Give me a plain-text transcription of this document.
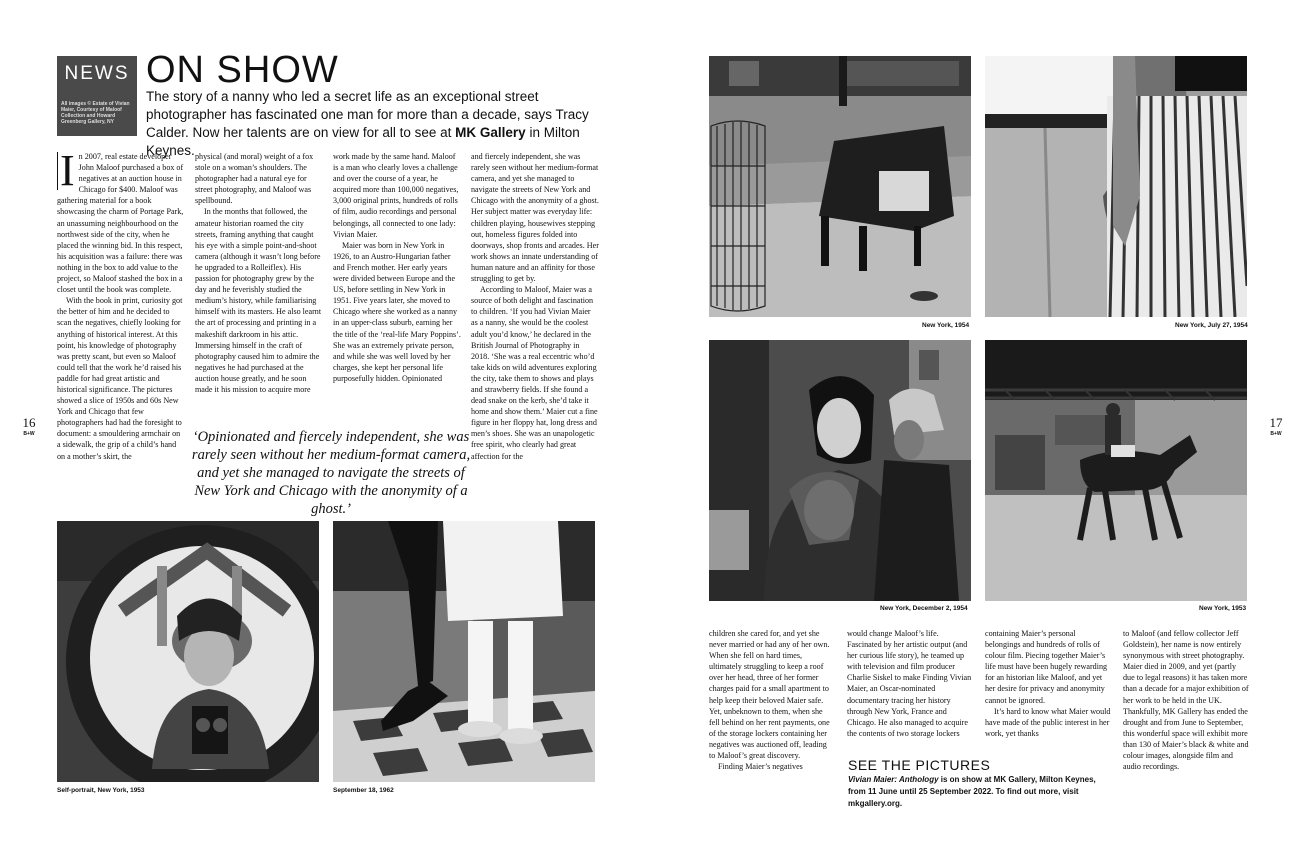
NEWS
All images © Estate of Vivian Maier, Courtesy of Maloof Collection and Howard Greenberg Gallery, NY
ON SHOW
The story of a nanny who led a secret life as an exceptional street photographer has fascinated one man for more than a decade, says Tracy Calder. Now her talents are on view for all to see at MK Gallery in Milton Keynes.

I n 2007, real estate developer John Maloof purchased a box of negatives at an auction house in Chicago for $400. Maloof was gathering material for a book showcasing the charm of Portage Park, an unassuming neighbourhood on the northwest side of the city, when he placed the winning bid. In this respect, his acquisition was a failure: there was nothing in the box to add value to the project, so Maloof stashed the box in a closet until the book was complete.

With the book in print, curiosity got the better of him and he decided to scan the negatives, chiefly looking for anything of historical interest. At this point, his knowledge of photography was pretty scant, but even so Maloof could tell that the work he’d raised his paddle for had great artistic and historical significance. The pictures showed a slice of 1950s and 60s New York and Chicago that few photographers had had the foresight to document: a smouldering armchair on a sidewalk, the grip of a child’s hand on a mother’s skirt, the

physical (and moral) weight of a fox stole on a woman’s shoulders. The photographer had a natural eye for street photography, and Maloof was spellbound.

In the months that followed, the amateur historian roamed the city streets, framing anything that caught his eye with a simple point-and-shoot camera (although it wasn’t long before he upgraded to a Rolleiflex). His passion for photography grew by the day and he feverishly studied the medium’s history, while familiarising himself with its masters. He also learnt the art of processing and printing in a makeshift darkroom in his attic. Immersing himself in the craft of photography caused him to admire the negatives he had purchased at the auction house greatly, and he soon made it his mission to acquire more

work made by the same hand. Maloof is a man who clearly loves a challenge and over the course of a year, he acquired more than 100,000 negatives, 3,000 original prints, hundreds of rolls of film, audio recordings and personal belongings, all connected to one lady: Vivian Maier.

Maier was born in New York in 1926, to an Austro-Hungarian father and French mother. Her early years were divided between Europe and the US, before settling in New York in 1951. Five years later, she moved to Chicago where she worked as a nanny in an upper-class suburb, earning her the title of the ‘real-life Mary Poppins’. She was an extremely private person, and while she was well loved by her charges, she kept her personal life purposefully hidden. Opinionated

and fiercely independent, she was rarely seen without her medium-format camera, and yet she managed to navigate the streets of New York and Chicago with the anonymity of a ghost. Her subject matter was everyday life: children playing, housewives stepping out, homeless figures folded into doorways, shop fronts and arcades. Her work shows an innate understanding of human nature and an affinity for those struggling to get by.

According to Maloof, Maier was a source of both delight and fascination to children. ‘If you had Vivian Maier as a nanny, she would be the coolest adult you’d know,’ he declared in the British Journal of Photography in 2018. ‘She was a real eccentric who’d take kids on wild adventures exploring the city, take them to shows and plays and strawberry fields. If she found a dead snake on the kerb, she’d take it home and show them.’ Maier cut a fine figure in her floppy hat, long dress and men’s shoes. She was an unapologetic free spirit, who clearly had great affection for the

‘Opinionated and fiercely independent, she was rarely seen without her medium-format camera, and yet she managed to navigate the streets of New York and Chicago with the anonymity of a ghost.’
16
B+W
17
B+W
Self-portrait, New York, 1953	September 18, 1962
New York, 1954	New York, July 27, 1954
New York, December 2, 1954	New York, 1953

children she cared for, and yet she never married or had any of her own. When she fell on hard times, ultimately struggling to keep a roof over her head, three of her former charges paid for a small apartment to help keep their beloved Maier safe. Yet, unbeknown to them, when she fell behind on her rent payments, one of the storage lockers containing her negatives was auctioned off, leading to Maloof’s great discovery.

Finding Maier’s negatives

would change Maloof’s life. Fascinated by her artistic output (and her curious life story), he teamed up with television and film producer Charlie Siskel to make Finding Vivian Maier, an Oscar-nominated documentary tracing her history through New York, France and Chicago. He also managed to acquire the contents of two storage lockers

containing Maier’s personal belongings and hundreds of rolls of colour film. Piecing together Maier’s life must have been hugely rewarding for an historian like Maloof, and yet her desire for privacy and anonymity cannot be ignored.

It’s hard to know what Maier would have made of the public interest in her work, yet thanks

to Maloof (and fellow collector Jeff Goldstein), her name is now entirely synonymous with street photography. Maier died in 2009, and yet (partly due to legal reasons) it has taken more than a decade for a major exhibition of her work to be held in the UK. Thankfully, MK Gallery has ended the drought and from June to September, this wonderful space will exhibit more than 130 of Maier’s black & white and colour images, alongside film and audio recordings.

SEE THE PICTURES
Vivian Maier: Anthology is on show at MK Gallery, Milton Keynes, from 11 June until 25 September 2022. To find out more, visit mkgallery.org.
